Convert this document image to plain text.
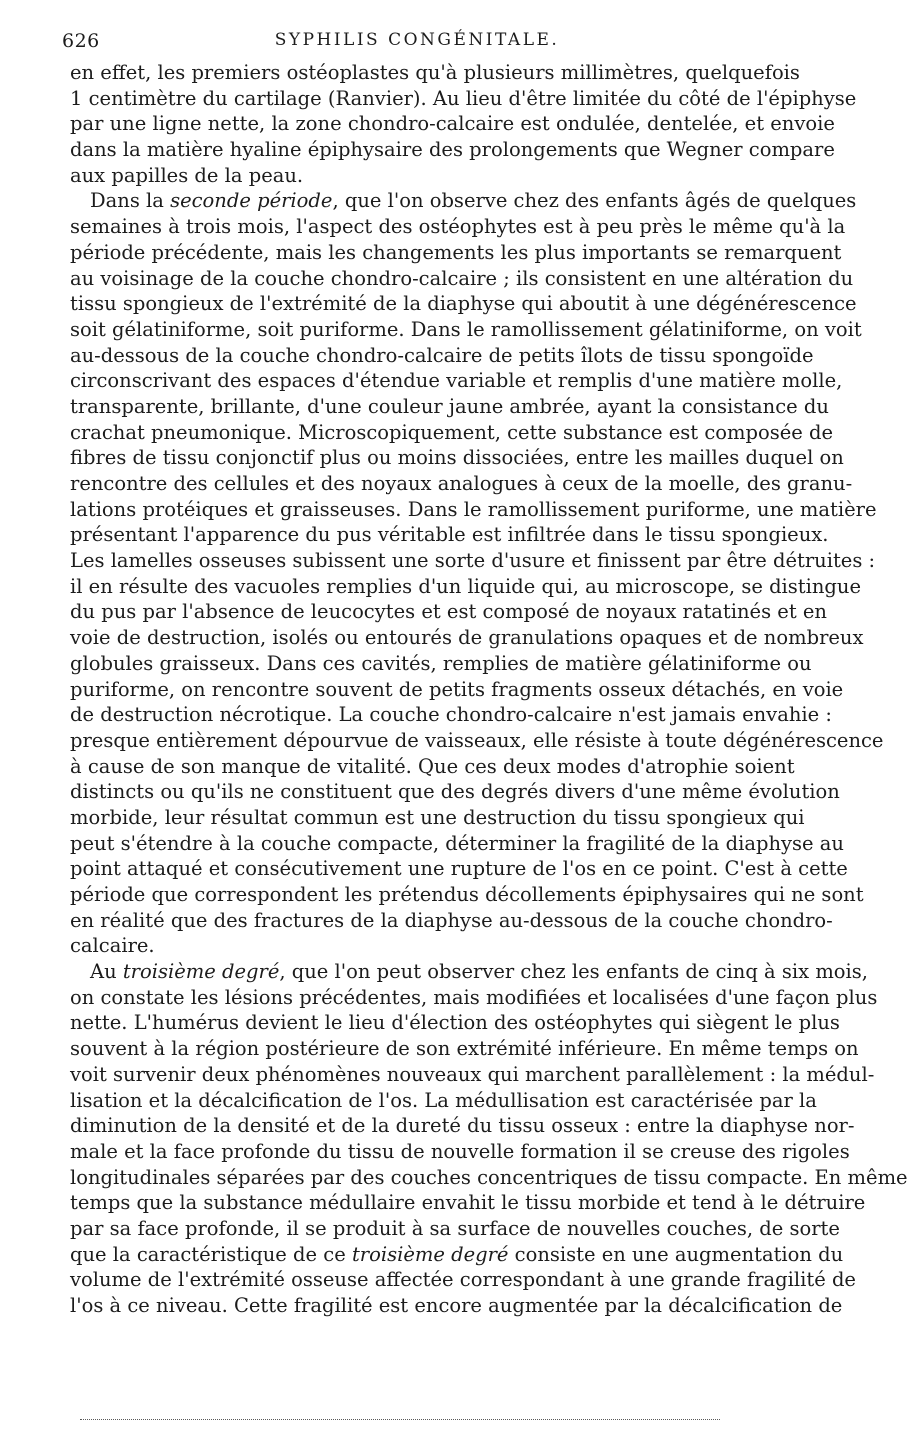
626	SYPHILIS CONGÉNITALE.
en effet, les premiers ostéoplastes qu'à plusieurs millimètres, quelquefois
1 centimètre du cartilage (Ranvier). Au lieu d'être limitée du côté de l'épiphyse
par une ligne nette, la zone chondro-calcaire est ondulée, dentelée, et envoie
dans la matière hyaline épiphysaire des prolongements que Wegner compare
aux papilles de la peau.
Dans la seconde période, que l'on observe chez des enfants âgés de quelques
semaines à trois mois, l'aspect des ostéophytes est à peu près le même qu'à la
période précédente, mais les changements les plus importants se remarquent
au voisinage de la couche chondro-calcaire ; ils consistent en une altération du
tissu spongieux de l'extrémité de la diaphyse qui aboutit à une dégénérescence
soit gélatiniforme, soit puriforme. Dans le ramollissement gélatiniforme, on voit
au-dessous de la couche chondro-calcaire de petits îlots de tissu spongoïde
circonscrivant des espaces d'étendue variable et remplis d'une matière molle,
transparente, brillante, d'une couleur jaune ambrée, ayant la consistance du
crachat pneumonique. Microscopiquement, cette substance est composée de
fibres de tissu conjonctif plus ou moins dissociées, entre les mailles duquel on
rencontre des cellules et des noyaux analogues à ceux de la moelle, des granu-
lations protéiques et graisseuses. Dans le ramollissement puriforme, une matière
présentant l'apparence du pus véritable est infiltrée dans le tissu spongieux.
Les lamelles osseuses subissent une sorte d'usure et finissent par être détruites :
il en résulte des vacuoles remplies d'un liquide qui, au microscope, se distingue
du pus par l'absence de leucocytes et est composé de noyaux ratatinés et en
voie de destruction, isolés ou entourés de granulations opaques et de nombreux
globules graisseux. Dans ces cavités, remplies de matière gélatiniforme ou
puriforme, on rencontre souvent de petits fragments osseux détachés, en voie
de destruction nécrotique. La couche chondro-calcaire n'est jamais envahie :
presque entièrement dépourvue de vaisseaux, elle résiste à toute dégénérescence
à cause de son manque de vitalité. Que ces deux modes d'atrophie soient
distincts ou qu'ils ne constituent que des degrés divers d'une même évolution
morbide, leur résultat commun est une destruction du tissu spongieux qui
peut s'étendre à la couche compacte, déterminer la fragilité de la diaphyse au
point attaqué et consécutivement une rupture de l'os en ce point. C'est à cette
période que correspondent les prétendus décollements épiphysaires qui ne sont
en réalité que des fractures de la diaphyse au-dessous de la couche chondro-
calcaire.
Au troisième degré, que l'on peut observer chez les enfants de cinq à six mois,
on constate les lésions précédentes, mais modifiées et localisées d'une façon plus
nette. L'humérus devient le lieu d'élection des ostéophytes qui siègent le plus
souvent à la région postérieure de son extrémité inférieure. En même temps on
voit survenir deux phénomènes nouveaux qui marchent parallèlement : la médul-
lisation et la décalcification de l'os. La médullisation est caractérisée par la
diminution de la densité et de la dureté du tissu osseux : entre la diaphyse nor-
male et la face profonde du tissu de nouvelle formation il se creuse des rigoles
longitudinales séparées par des couches concentriques de tissu compacte. En même
temps que la substance médullaire envahit le tissu morbide et tend à le détruire
par sa face profonde, il se produit à sa surface de nouvelles couches, de sorte
que la caractéristique de ce troisième degré consiste en une augmentation du
volume de l'extrémité osseuse affectée correspondant à une grande fragilité de
l'os à ce niveau. Cette fragilité est encore augmentée par la décalcification de
